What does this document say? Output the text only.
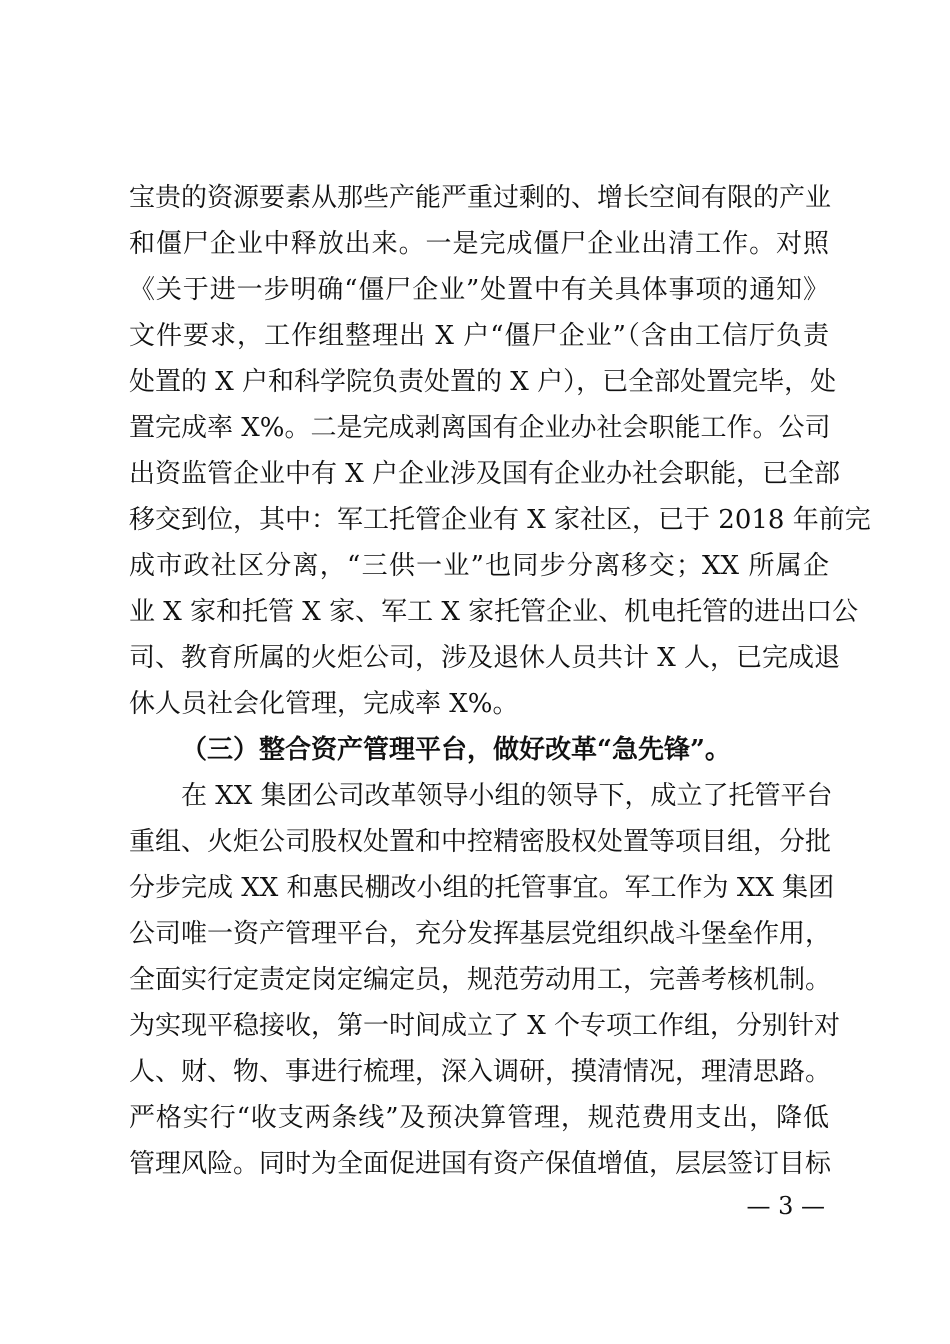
宝贵的资源要素从那些产能严重过剩的、增长空间有限的产业
和僵尸企业中释放出来。一是完成僵尸企业出清工作。对照
《关于进一步明确“僵尸企业”处置中有关具体事项的通知》
文件要求，工作组整理出 X 户“僵尸企业”（含由工信厅负责
处置的 X 户和科学院负责处置的 X 户），已全部处置完毕，处
置完成率 X%。二是完成剥离国有企业办社会职能工作。公司
出资监管企业中有 X 户企业涉及国有企业办社会职能，已全部
移交到位，其中：军工托管企业有 X 家社区，已于 2018 年前完
成市政社区分离，“三供一业”也同步分离移交；XX 所属企
业 X 家和托管 X 家、军工 X 家托管企业、机电托管的进出口公
司、教育所属的火炬公司，涉及退休人员共计 X 人，已完成退
休人员社会化管理，完成率 X%。
（三）整合资产管理平台，做好改革“急先锋”。
在 XX 集团公司改革领导小组的领导下，成立了托管平台
重组、火炬公司股权处置和中控精密股权处置等项目组，分批
分步完成 XX 和惠民棚改小组的托管事宜。军工作为 XX 集团
公司唯一资产管理平台，充分发挥基层党组织战斗堡垒作用，
全面实行定责定岗定编定员，规范劳动用工，完善考核机制。
为实现平稳接收，第一时间成立了 X 个专项工作组，分别针对
人、财、物、事进行梳理，深入调研，摸清情况，理清思路。
严格实行“收支两条线”及预决算管理，规范费用支出，降低
管理风险。同时为全面促进国有资产保值增值，层层签订目标
— 3 —
